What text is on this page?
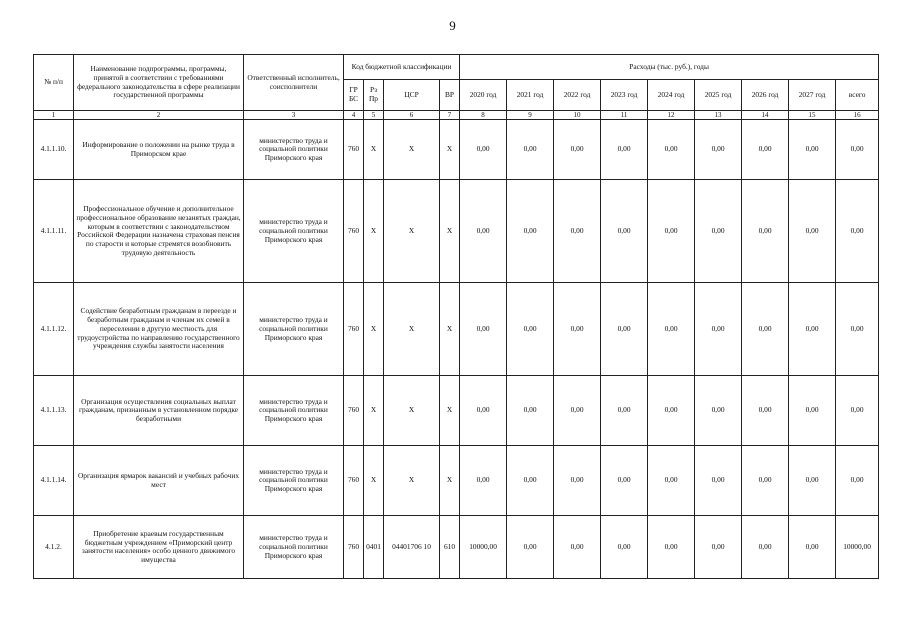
9
№ п/п	Наименование подпрограммы, программы, принятой в соответствии с требованиями федерального законодательства в сфере реализации государственной программы	Ответственный исполнитель, соисполнители	Код бюджетной классификации				Расходы (тыс. руб.), годы								
			ГР БС	Рз Пр	ЦСР	ВР	2020 год	2021 год	2022 год	2023 год	2024 год	2025 год	2026 год	2027 год	всего
1	2	3	4	5	6	7	8	9	10	11	12	13	14	15	16
4.1.1.10.	Информирование о положении на рынке труда в Приморском крае	министерство труда и социальной политики Приморского края	760	X	X	X	0,00	0,00	0,00	0,00	0,00	0,00	0,00	0,00	0,00
4.1.1.11.	Профессиональное обучение и дополнительное профессиональное образование незанятых граждан, которым в соответствии с законодательством Российской Федерации назначена страховая пенсия по старости и которые стремятся возобновить трудовую деятельность	министерство труда и социальной политики Приморского края	760	X	X	X	0,00	0,00	0,00	0,00	0,00	0,00	0,00	0,00	0,00
4.1.1.12.	Содействие безработным гражданам в переезде и безработным гражданам и членам их семей в переселении в другую местность для трудоустройства по направлению государственного учреждения службы занятости населения	министерство труда и социальной политики Приморского края	760	X	X	X	0,00	0,00	0,00	0,00	0,00	0,00	0,00	0,00	0,00
4.1.1.13.	Организация осуществления социальных выплат гражданам, признанным в установленном порядке безработными	министерство труда и социальной политики Приморского края	760	X	X	X	0,00	0,00	0,00	0,00	0,00	0,00	0,00	0,00	0,00
4.1.1.14.	Организация ярмарок вакансий и учебных рабочих мест	министерство труда и социальной политики Приморского края	760	X	X	X	0,00	0,00	0,00	0,00	0,00	0,00	0,00	0,00	0,00
4.1.2.	Приобретение краевым государственным бюджетным учреждением «Приморский центр занятости населения» особо ценного движимого имущества	министерство труда и социальной политики Приморского края	760	0401	04401706 10	610	10000,00	0,00	0,00	0,00	0,00	0,00	0,00	0,00	10000,00
